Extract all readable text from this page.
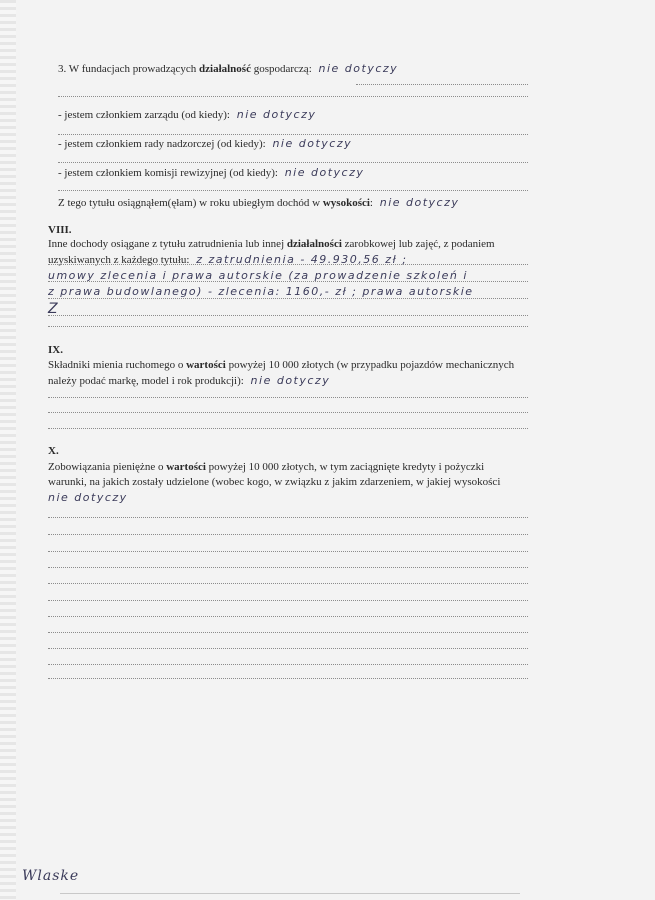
3. W fundacjach prowadzących działalność gospodarczą: nie dotyczy
- jestem członkiem zarządu (od kiedy): nie dotyczy
- jestem członkiem rady nadzorczej (od kiedy): nie dotyczy
- jestem członkiem komisji rewizyjnej (od kiedy): nie dotyczy
Z tego tytułu osiągnąłem(ęłam) w roku ubiegłym dochód w wysokości: nie dotyczy
VIII.
Inne dochody osiągane z tytułu zatrudnienia lub innej działalności zarobkowej lub zajęć, z podaniem
uzyskiwanych z każdego tytułu: z zatrudnienia - 49.930,56 zł ;
umowy zlecenia i prawa autorskie (za prowadzenie szkoleń i
z prawa budowlanego) - zlecenia: 1160,- zł ; prawa autorskie
Z
IX.
Składniki mienia ruchomego o wartości powyżej 10 000 złotych (w przypadku pojazdów mechanicznych
należy podać markę, model i rok produkcji): nie dotyczy
X.
Zobowiązania pieniężne o wartości powyżej 10 000 złotych, w tym zaciągnięte kredyty i pożyczki
warunki, na jakich zostały udzielone (wobec kogo, w związku z jakim zdarzeniem, w jakiej wysokości
nie dotyczy
Wlaske
